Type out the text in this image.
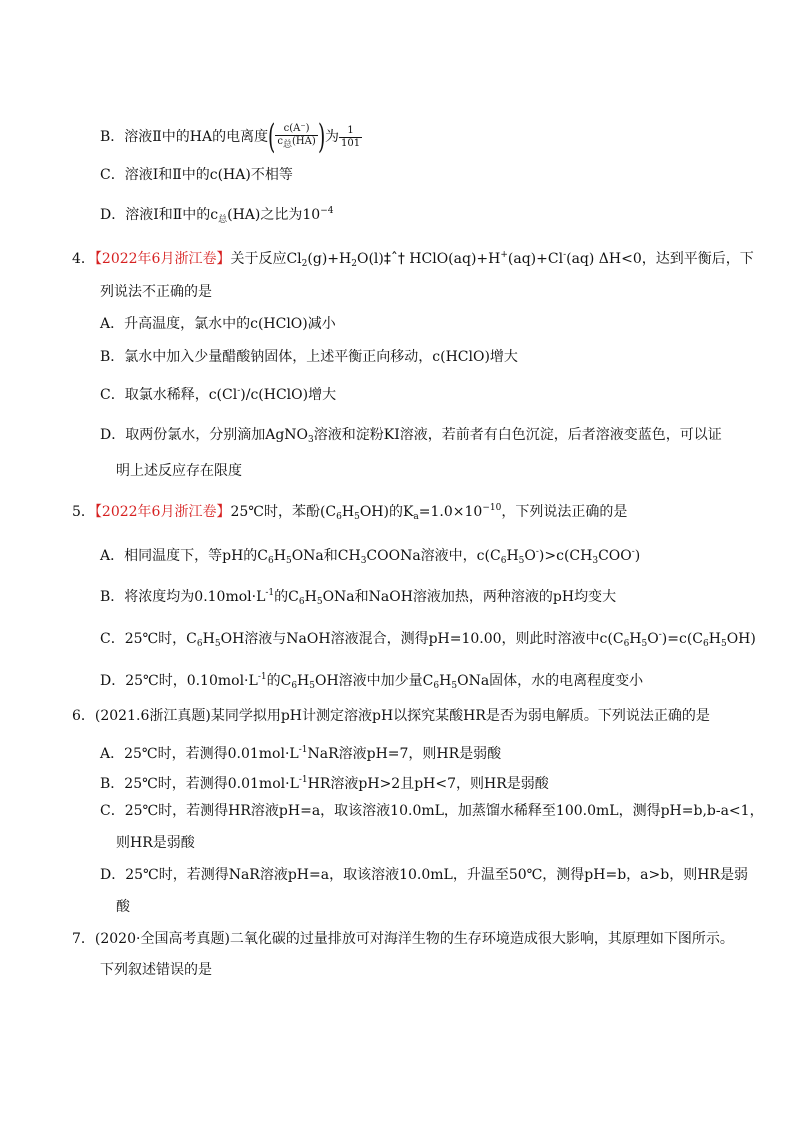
B．溶液Ⅱ中的HA的电离度( $\frac{c(A^-)}{\text{c总(HA)}}$ )为 $\frac{1}{101}$
C．溶液Ⅰ和Ⅱ中的c(HA)不相等
D．溶液Ⅰ和Ⅱ中的$c_总(HA)$之比为$10^{-4}$
4．【2022年6月浙江卷】关于反应$Cl_2(g)+H_2O(l)\ddagger ˆ\dagger$ HClO(aq)+H+(aq)+Cl-(aq) ΔH<0，达到平衡后，下
列说法不正确的是
A．升高温度，氯水中的c(HClO)减小
B．氯水中加入少量醋酸钠固体，上述平衡正向移动，c(HClO)增大
C．取氯水稀释，c(Cl-)/c(HClO)增大
D．取两份氯水，分别滴加AgNO$_3$溶液和淀粉KI溶液，若前者有白色沉淀，后者溶液变蓝色，可以证
明上述反应存在限度
5．【2022年6月浙江卷】25℃时，苯酚$(C_6H_5OH)$的$K_a=1.0\times 10^{-10}$，下列说法正确的是
A．相同温度下，等pH的$C_6H_5ONa$和$CH_3COONa$溶液中，$c(C_6H_5O^-)>c(CH_3COO^-)$
B．将浓度均为$0.10mol\cdot L^{-1}$的$C_6H_5ONa$和NaOH溶液加热，两种溶液的pH均变大
C．25℃时，$C_6H_5OH$溶液与NaOH溶液混合，测得pH=10.00，则此时溶液中$c(C_6H_5O^-)=c(C_6H_5OH)$
D．25℃时，$0.10mol\cdot L^{-1}$的$C_6H_5OH$溶液中加少量$C_6H_5ONa$固体，水的电离程度变小
6．(2021.6浙江真题)某同学拟用pH计测定溶液pH以探究某酸HR是否为弱电解质。下列说法正确的是
A．25℃时，若测得$0.01mol\cdot L^{-1}NaR$溶液pH=7，则HR是弱酸
B．25℃时，若测得$0.01mol\cdot L^{-1}HR$溶液pH>2且pH<7，则HR是弱酸
C．25℃时，若测得HR溶液pH=a，取该溶液10.0mL，加蒸馏水稀释至100.0mL，测得pH=b,b-a<1，
则HR是弱酸
D．25℃时，若测得NaR溶液pH=a，取该溶液10.0mL，升温至50℃，测得pH=b，a>b，则HR是弱
酸
7．(2020·全国高考真题)二氧化碳的过量排放可对海洋生物的生存环境造成很大影响，其原理如下图所示。
下列叙述错误的是
